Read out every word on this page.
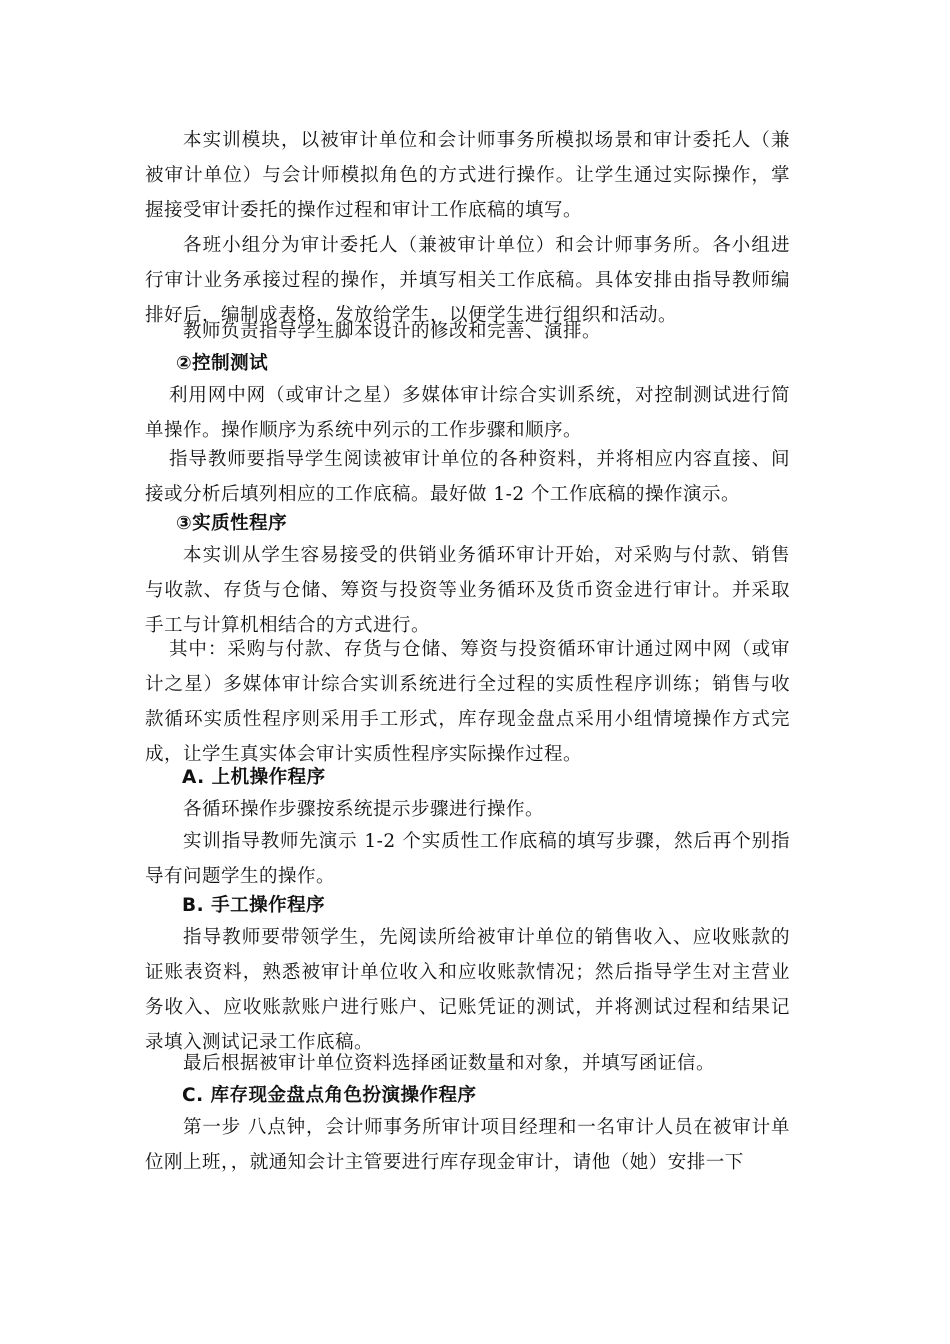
本实训模块，以被审计单位和会计师事务所模拟场景和审计委托人（兼被审计单位）与会计师模拟角色的方式进行操作。让学生通过实际操作，掌握接受审计委托的操作过程和审计工作底稿的填写。

各班小组分为审计委托人（兼被审计单位）和会计师事务所。各小组进行审计业务承接过程的操作，并填写相关工作底稿。具体安排由指导教师编排好后，编制成表格，发放给学生，以便学生进行组织和活动。

教师负责指导学生脚本设计的修改和完善、演排。

②控制测试

利用网中网（或审计之星）多媒体审计综合实训系统，对控制测试进行简单操作。操作顺序为系统中列示的工作步骤和顺序。

指导教师要指导学生阅读被审计单位的各种资料，并将相应内容直接、间接或分析后填列相应的工作底稿。最好做 1-2 个工作底稿的操作演示。

③实质性程序

本实训从学生容易接受的供销业务循环审计开始，对采购与付款、销售与收款、存货与仓储、筹资与投资等业务循环及货币资金进行审计。并采取手工与计算机相结合的方式进行。

其中：采购与付款、存货与仓储、筹资与投资循环审计通过网中网（或审计之星）多媒体审计综合实训系统进行全过程的实质性程序训练；销售与收款循环实质性程序则采用手工形式，库存现金盘点采用小组情境操作方式完成，让学生真实体会审计实质性程序实际操作过程。

A. 上机操作程序

各循环操作步骤按系统提示步骤进行操作。

实训指导教师先演示 1-2 个实质性工作底稿的填写步骤，然后再个别指导有问题学生的操作。

B. 手工操作程序

指导教师要带领学生，先阅读所给被审计单位的销售收入、应收账款的证账表资料，熟悉被审计单位收入和应收账款情况；然后指导学生对主营业务收入、应收账款账户进行账户、记账凭证的测试，并将测试过程和结果记录填入测试记录工作底稿。

最后根据被审计单位资料选择函证数量和对象，并填写函证信。

C. 库存现金盘点角色扮演操作程序

第一步 八点钟，会计师事务所审计项目经理和一名审计人员在被审计单位刚上班，，就通知会计主管要进行库存现金审计，请他（她）安排一下
